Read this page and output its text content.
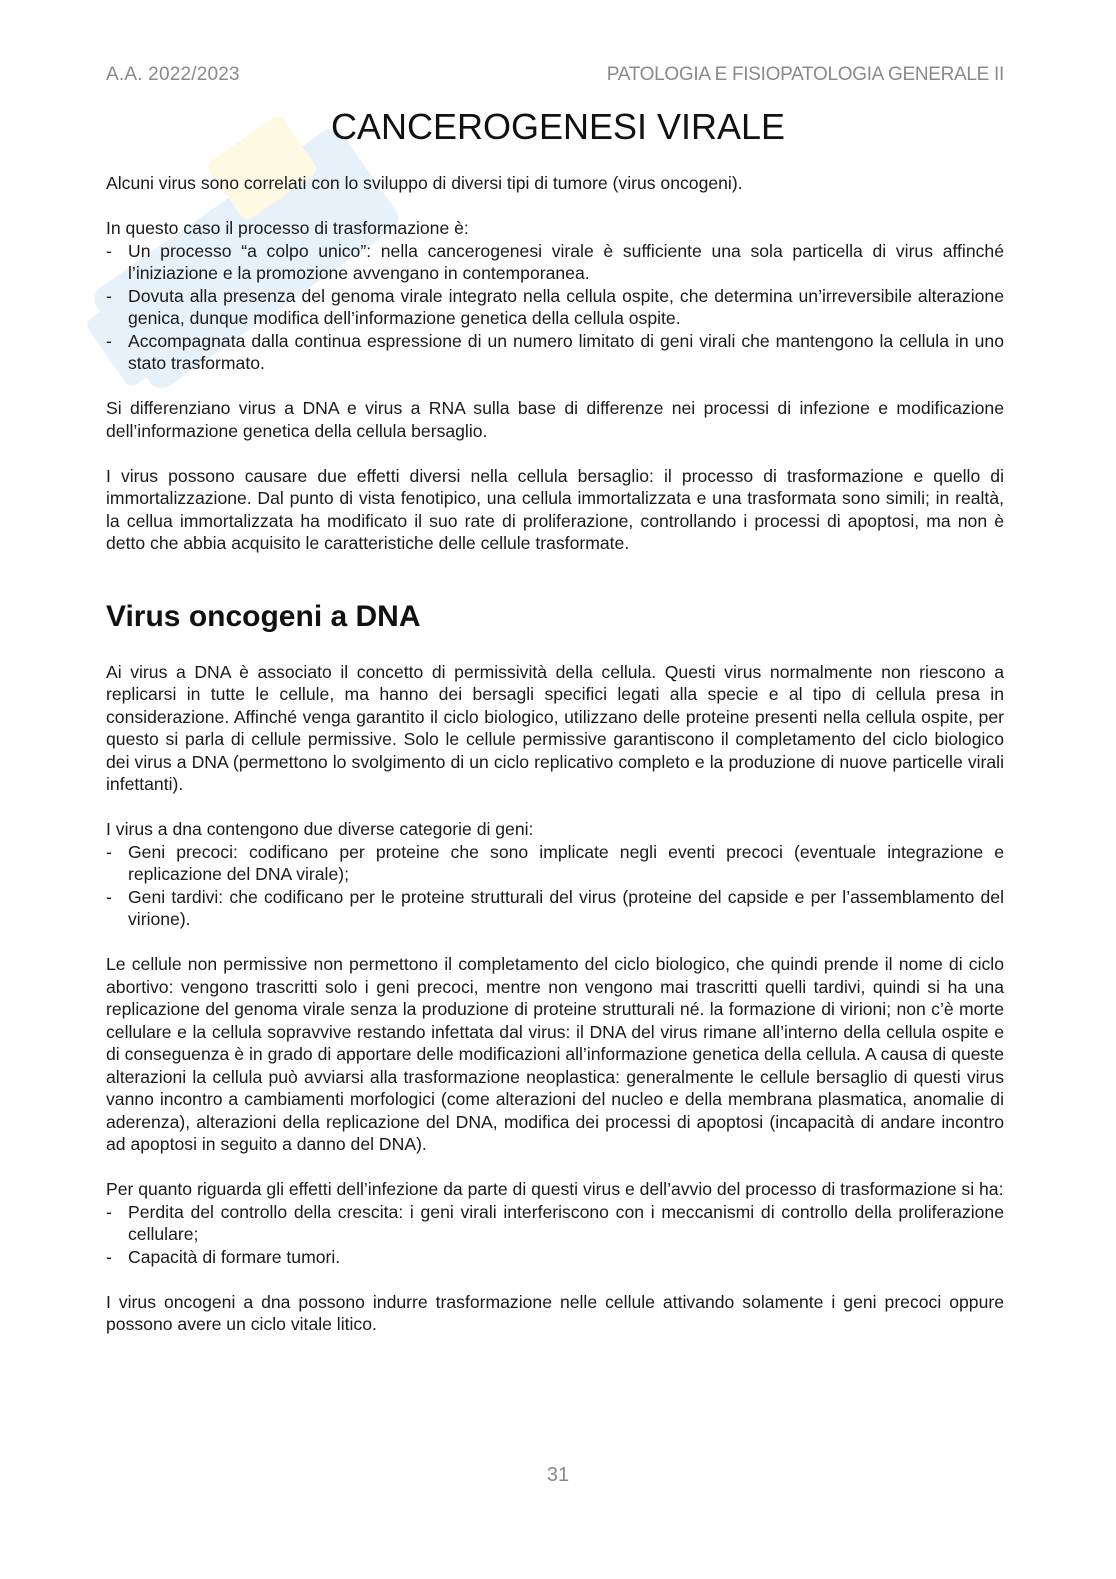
A.A. 2022/2023	PATOLOGIA E FISIOPATOLOGIA GENERALE II
CANCEROGENESI VIRALE

Alcuni virus sono correlati con lo sviluppo di diversi tipi di tumore (virus oncogeni).

In questo caso il processo di trasformazione è:

- Un processo “a colpo unico”: nella cancerogenesi virale è sufficiente una sola particella di virus affinché l’iniziazione e la promozione avvengano in contemporanea.
- Dovuta alla presenza del genoma virale integrato nella cellula ospite, che determina un’irreversibile alterazione genica, dunque modifica dell’informazione genetica della cellula ospite.
- Accompagnata dalla continua espressione di un numero limitato di geni virali che mantengono la cellula in uno stato trasformato.

Si differenziano virus a DNA e virus a RNA sulla base di differenze nei processi di infezione e modificazione dell’informazione genetica della cellula bersaglio.

I virus possono causare due effetti diversi nella cellula bersaglio: il processo di trasformazione e quello di immortalizzazione. Dal punto di vista fenotipico, una cellula immortalizzata e una trasformata sono simili; in realtà, la cellua immortalizzata ha modificato il suo rate di proliferazione, controllando i processi di apoptosi, ma non è detto che abbia acquisito le caratteristiche delle cellule trasformate.

Virus oncogeni a DNA

Ai virus a DNA è associato il concetto di permissività della cellula. Questi virus normalmente non riescono a replicarsi in tutte le cellule, ma hanno dei bersagli specifici legati alla specie e al tipo di cellula presa in considerazione. Affinché venga garantito il ciclo biologico, utilizzano delle proteine presenti nella cellula ospite, per questo si parla di cellule permissive. Solo le cellule permissive garantiscono il completamento del ciclo biologico dei virus a DNA (permettono lo svolgimento di un ciclo replicativo completo e la produzione di nuove particelle virali infettanti).

I virus a dna contengono due diverse categorie di geni:

- Geni precoci: codificano per proteine che sono implicate negli eventi precoci (eventuale integrazione e replicazione del DNA virale);
- Geni tardivi: che codificano per le proteine strutturali del virus (proteine del capside e per l’assemblamento del virione).

Le cellule non permissive non permettono il completamento del ciclo biologico, che quindi prende il nome di ciclo abortivo: vengono trascritti solo i geni precoci, mentre non vengono mai trascritti quelli tardivi, quindi si ha una replicazione del genoma virale senza la produzione di proteine strutturali né. la formazione di virioni; non c’è morte cellulare e la cellula sopravvive restando infettata dal virus: il DNA del virus rimane all’interno della cellula ospite e di conseguenza è in grado di apportare delle modificazioni all’informazione genetica della cellula. A causa di queste alterazioni la cellula può avviarsi alla trasformazione neoplastica: generalmente le cellule bersaglio di questi virus vanno incontro a cambiamenti morfologici (come alterazioni del nucleo e della membrana plasmatica, anomalie di aderenza), alterazioni della replicazione del DNA, modifica dei processi di apoptosi (incapacità di andare incontro ad apoptosi in seguito a danno del DNA).

Per quanto riguarda gli effetti dell’infezione da parte di questi virus e dell’avvio del processo di trasformazione si ha:

- Perdita del controllo della crescita: i geni virali interferiscono con i meccanismi di controllo della proliferazione cellulare;
- Capacità di formare tumori.

I virus oncogeni a dna possono indurre trasformazione nelle cellule attivando solamente i geni precoci oppure possono avere un ciclo vitale litico.

31
